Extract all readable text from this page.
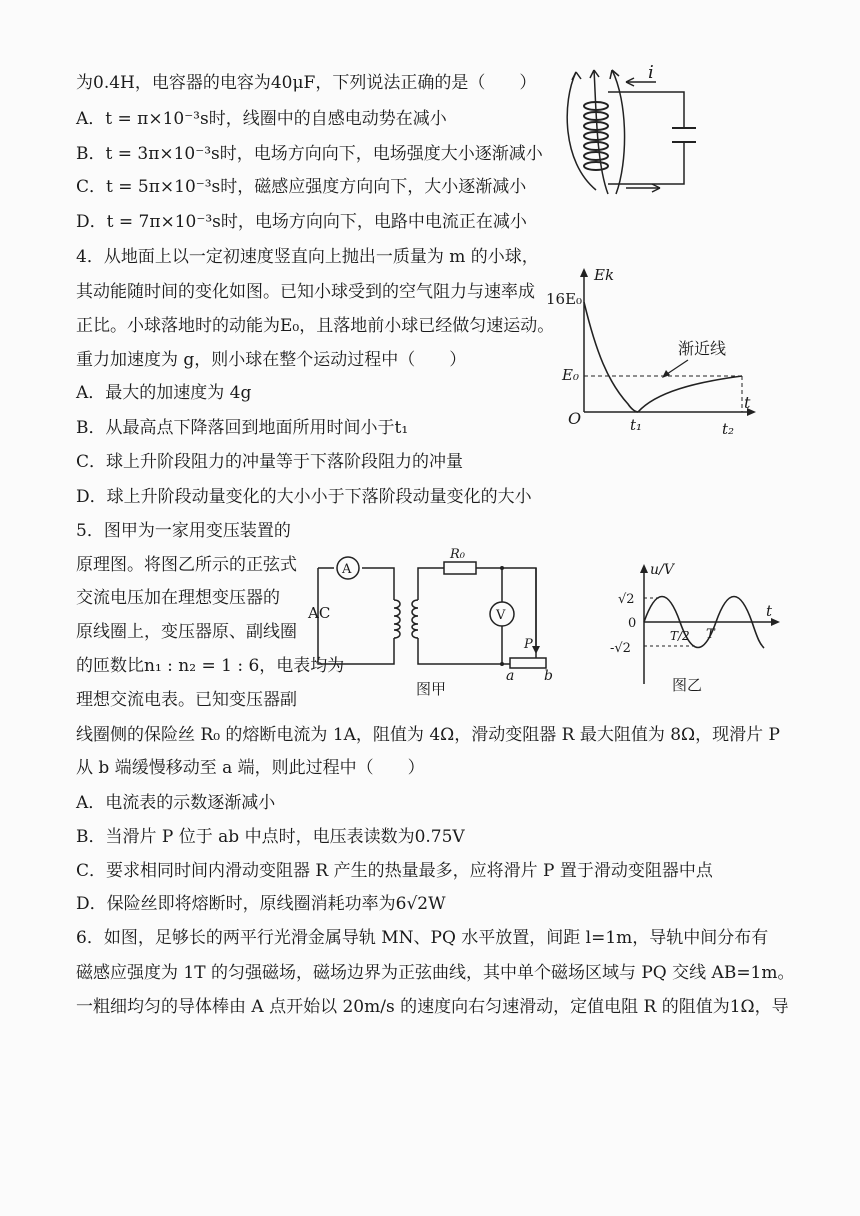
为0.4H，电容器的电容为40μF，下列说法正确的是（　　）
A．t = π×10⁻³s时，线圈中的自感电动势在减小
B．t = 3π×10⁻³s时，电场方向向下，电场强度大小逐渐减小
C．t = 5π×10⁻³s时，磁感应强度方向向下，大小逐渐减小
D．t = 7π×10⁻³s时，电场方向向下，电路中电流正在减小
i
4．从地面上以一定初速度竖直向上抛出一质量为 m 的小球，
其动能随时间的变化如图。已知小球受到的空气阻力与速率成
正比。小球落地时的动能为E₀，且落地前小球已经做匀速运动。
重力加速度为 g，则小球在整个运动过程中（　　）
A．最大的加速度为 4g
B．从最高点下降落回到地面所用时间小于t₁
C．球上升阶段阻力的冲量等于下落阶段阻力的冲量
D．球上升阶段动量变化的大小小于下落阶段动量变化的大小
Ek
16E₀
E₀
O
t
t₁	t₂
渐近线
5．图甲为一家用变压装置的
原理图。将图乙所示的正弦式
交流电压加在理想变压器的
原线圈上，变压器原、副线圈
的匝数比n₁ : n₂ = 1 : 6，电表均为
理想交流电表。已知变压器副
线圈侧的保险丝 R₀ 的熔断电流为 1A，阻值为 4Ω，滑动变阻器 R 最大阻值为 8Ω，现滑片 P
从 b 端缓慢移动至 a 端，则此过程中（　　）
A．电流表的示数逐渐减小
B．当滑片 P 位于 ab 中点时，电压表读数为0.75V
C．要求相同时间内滑动变阻器 R 产生的热量最多，应将滑片 P 置于滑动变阻器中点
D．保险丝即将熔断时，原线圈消耗功率为6√2W
A
AC
R₀
V
P
a b
图甲
u/V
t
√2
0
-√2
T/2 T
图乙
6．如图，足够长的两平行光滑金属导轨 MN、PQ 水平放置，间距 l=1m，导轨中间分布有
磁感应强度为 1T 的匀强磁场，磁场边界为正弦曲线，其中单个磁场区域与 PQ 交线 AB=1m。
一粗细均匀的导体棒由 A 点开始以 20m/s 的速度向右匀速滑动，定值电阻 R 的阻值为1Ω，导
